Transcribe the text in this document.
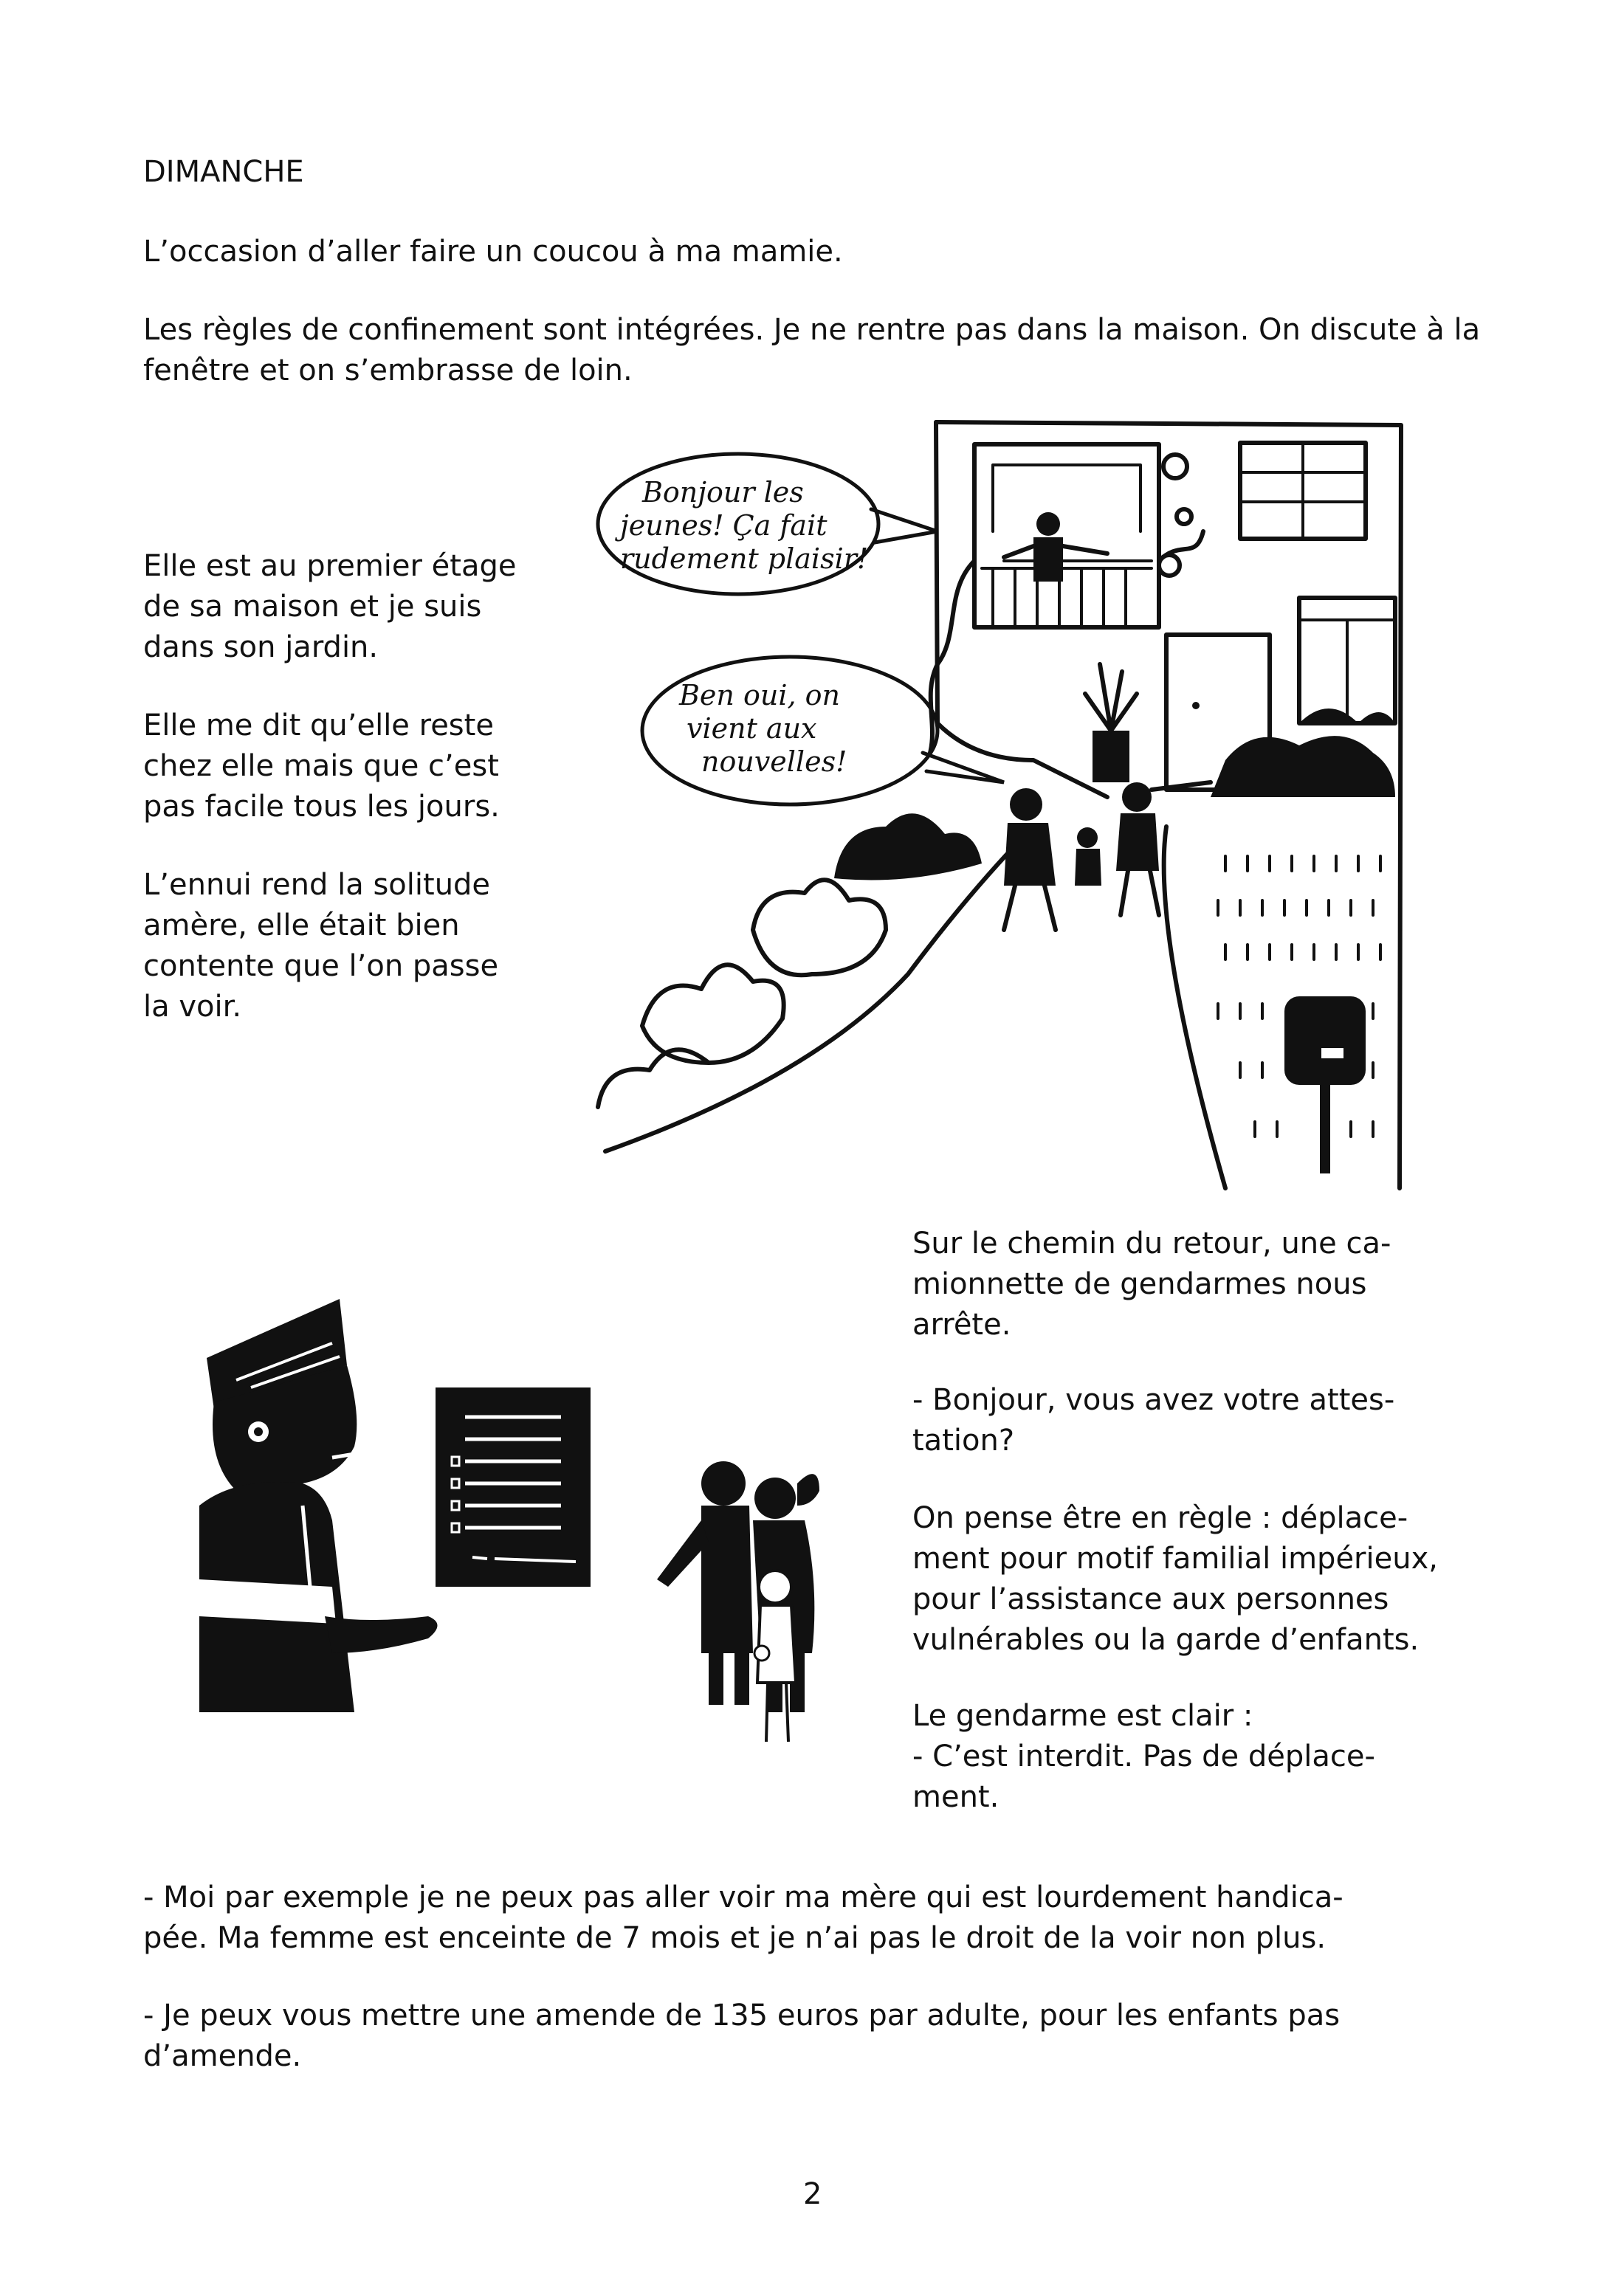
DIMANCHE
L’occasion d’aller faire un coucou à ma mamie.
Les règles de confinement sont intégrées. Je ne rentre pas dans la maison. On discute à la fenêtre et on s’embrasse de loin.
Elle est au premier étage
de sa maison et je suis
dans son jardin.
Elle me dit qu’elle reste
chez elle mais que c’est
pas facile tous les jours.
L’ennui rend la solitude
amère, elle était bien
contente que l’on passe
la voir.
Sur le chemin du retour, une ca-
mionnette de gendarmes nous
arrête.
- Bonjour, vous avez votre attes-
tation?
On pense être en règle : déplace-
ment pour motif familial impérieux,
pour l’assistance aux personnes
vulnérables ou la garde d’enfants.
Le gendarme est clair :
- C’est interdit. Pas de déplace-
ment.
- Moi par exemple je ne peux pas aller voir ma mère qui est lourdement handica-
pée. Ma femme est enceinte de 7 mois et je n’ai pas le droit de la voir non plus.
- Je peux vous mettre une amende de 135 euros par adulte, pour les enfants pas
d’amende.
2
Bonjour les
jeunes! Ça fait
rudement plaisir!
Ben oui, on
vient aux
nouvelles!
